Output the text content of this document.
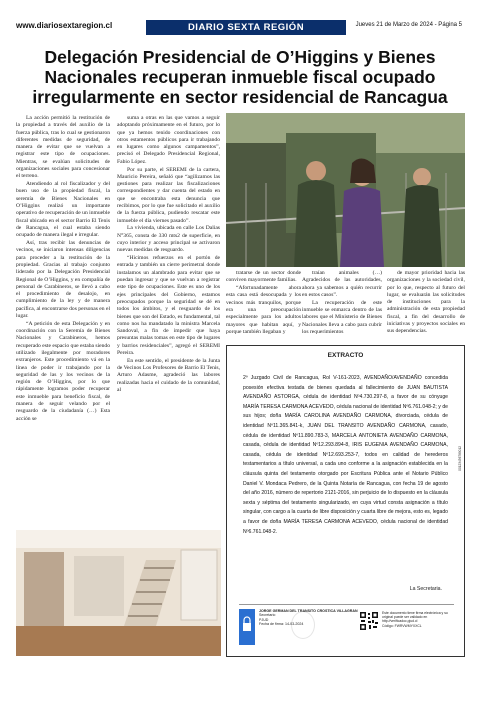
www.diariosextaregion.cl	DIARIO SEXTA REGIÓN	Jueves 21 de Marzo de 2024 - Página 5
Delegación Presidencial de O’Higgins y Bienes Nacionales recuperan inmueble fiscal ocupado irregularmente en sector residencial de Rancagua

La acción permitió la restitución de la propiedad a través del auxilio de la fuerza pública, tras lo cual se gestionaron diferentes medidas de seguridad, de manera de evitar que se vuelvan a registrar este tipo de ocupaciones. Mientras, se evalúan solicitudes de organizaciones sociales para concesionar el terreno.

Atendiendo al rol fiscalizador y del buen uso de la propiedad fiscal, la seremía de Bienes Nacionales en O’Higgins realizó un importante operativo de recuperación de un inmueble fiscal ubicado en el sector Barrio El Tenis de Rancagua, el cual estaba siendo ocupado de manera ilegal e irregular.

Así, tras recibir las denuncias de vecinos, se iniciaron intensas diligencias para proceder a la restitución de la propiedad. Gracias al trabajo conjunto liderado por la Delegación Presidencial Regional de O’Higgins, y en compañía de personal de Carabineros, se llevó a cabo el procedimiento de desalojo, en cumplimiento de la ley y de manera pacífica, al encontrarse dos personas en el lugar.

“A petición de esta Delegación y en coordinación con la Seremía de Bienes Nacionales y Carabineros, hemos recuperado este espacio que estaba siendo utilizado ilegalmente por moradores extranjeros. Este procedimiento vá en la línea de poder ir trabajando por la seguridad de las y los vecinos de la región de O’Higgins, por lo que rápidamente logramos poder recuperar este inmueble para beneficio fiscal, de manera de seguir velando por el resguardo de la ciudadanía (…) Esta acción se

suma a otras en las que vamos a seguir adoptando próximamente en el futuro, por lo que ya hemos tenido coordinaciones con otros estamentos públicos para ir trabajando en lugares como algunos campamentos”, precisó el Delegado Presidencial Regional, Fabio López.

Por su parte, el SEREMI de la cartera, Mauricio Pereira, señaló que “agilizamos las gestiones para realizar las fiscalizaciones correspondientes y dar cuenta del estado en que se encontraba esta denuncia que recibimos, por lo que fue solicitado el auxilio de la fuerza pública, pudiendo rescatar este inmueble el día viernes pasado”.

La vivienda, ubicada en calle Los Dalias N°365, consta de 330 mts2 de superficie, en cuyo interior y acceso principal se activaron nuevas medidas de resguardo.

“Hicimos refuerzos en el portón de entrada y también un cierre perimetral donde instalamos un alambrado para evitar que se puedan ingresar y que se vuelvan a registrar este tipo de ocupaciones. Este es uno de los ejes principales del Gobierno, estamos preocupados porque la seguridad se dé en todos los ámbitos, y el resguardo de los bienes que son del Estado, es fundamental, tal como nos ha mandatado la ministra Marcela Sandoval, a fin de impedir que haya presuntas malas tomas en este tipo de lugares y barrios residenciales”, agregó el SEREMI Pereira.

En este sentido, el presidente de la Junta de Vecinos Los Profesores de Barrio El Tenis, Arturo Adasme, agradeció las labores realizadas hacia el cuidado de la comunidad, al

tratarse de un sector donde conviven mayormente familias.

“Afortunadamente ahora esta casa está desocupada y los vecinos más tranquilos, porque era una preocupación especialmente para los adultos mayores que habitan aquí, y porque también llegaban y

traían animales (…) Agradecidos de las autoridades, ahora ya sabemos a quién recurrir en estos casos”.

La recuperación de este inmueble se enmarca dentro de las labores que el Ministerio de Bienes Nacionales lleva a cabo para cubrir los requerimientos

de mayor prioridad hacia las organizaciones y la sociedad civil, por lo que, respecto al futuro del lugar, se evaluarán las solicitudes de instituciones para la administración de esta propiedad fiscal, a fin del desarrollo de iniciativas y proyectos sociales en sus dependencias.

EXTRACTO
2º Juzgado Civil de Rancagua, Rol V-161-2023, AVENDAÑO/AVENDAÑO concedida posesión efectiva testada de bienes quedada al fallecimiento de JUAN BAUTISTA AVENDAÑO ASTORGA, cédula de identidad Nº4.730.297-8, a favor de su cónyuge MARÍA TERESA CARMONA ACEVEDO, cédula nacional de identidad Nº6.761.048-2; y de sus hijos; doña MARÍA CAROLINA AVENDAÑO CARMONA, divorciada, cédula de identidad Nº11.365.841-k, JUAN DEL TRANSITO AVENDAÑO CARMONA, casado, cédula de identidad Nº11.890.783-3, MARCELA ANTONIETA AVENDAÑO CARMONA, casada, cédula de identidad Nº12.293.894-8, IRIS EUGENIA AVENDAÑO CARMONA, casada, cédula de identidad Nº12.693.253-7, todos en calidad de herederos testamentarios a título universal, a cada uno conforme a la asignación establecida en la cláusula quinta del testamento otorgado por Escritura Pública ante el Notario Público Daniel V. Mondaca Pedrero, de la Quinta Notaría de Rancagua, con fecha 19 de agosto del año 2016, número de repertorio 2121-2016, sin perjuicio de lo dispuesto en la cláusula sexta y séptima del testamento singularizado, en cuya virtud consta asignación a título singular, con cargo a la cuarta de libre disposición y cuarta libre de mejora, esto es, legado a favor de doña MARÍA TERESA CARMONA ACEVEDO, cédula nacional de identidad Nº6.761.048-2.
La Secretaria.
00123456789012
JORGE GERMAN DEL TRANSITO CROSTICA VILLAGRAN
Secretario
PJUD
Fecha de firma: 14-03-2024
Este documento tiene firma electrónica y su original puede ser validado en http://verificadoc.pjud.cl
Código: FWRVWMYXXCL
